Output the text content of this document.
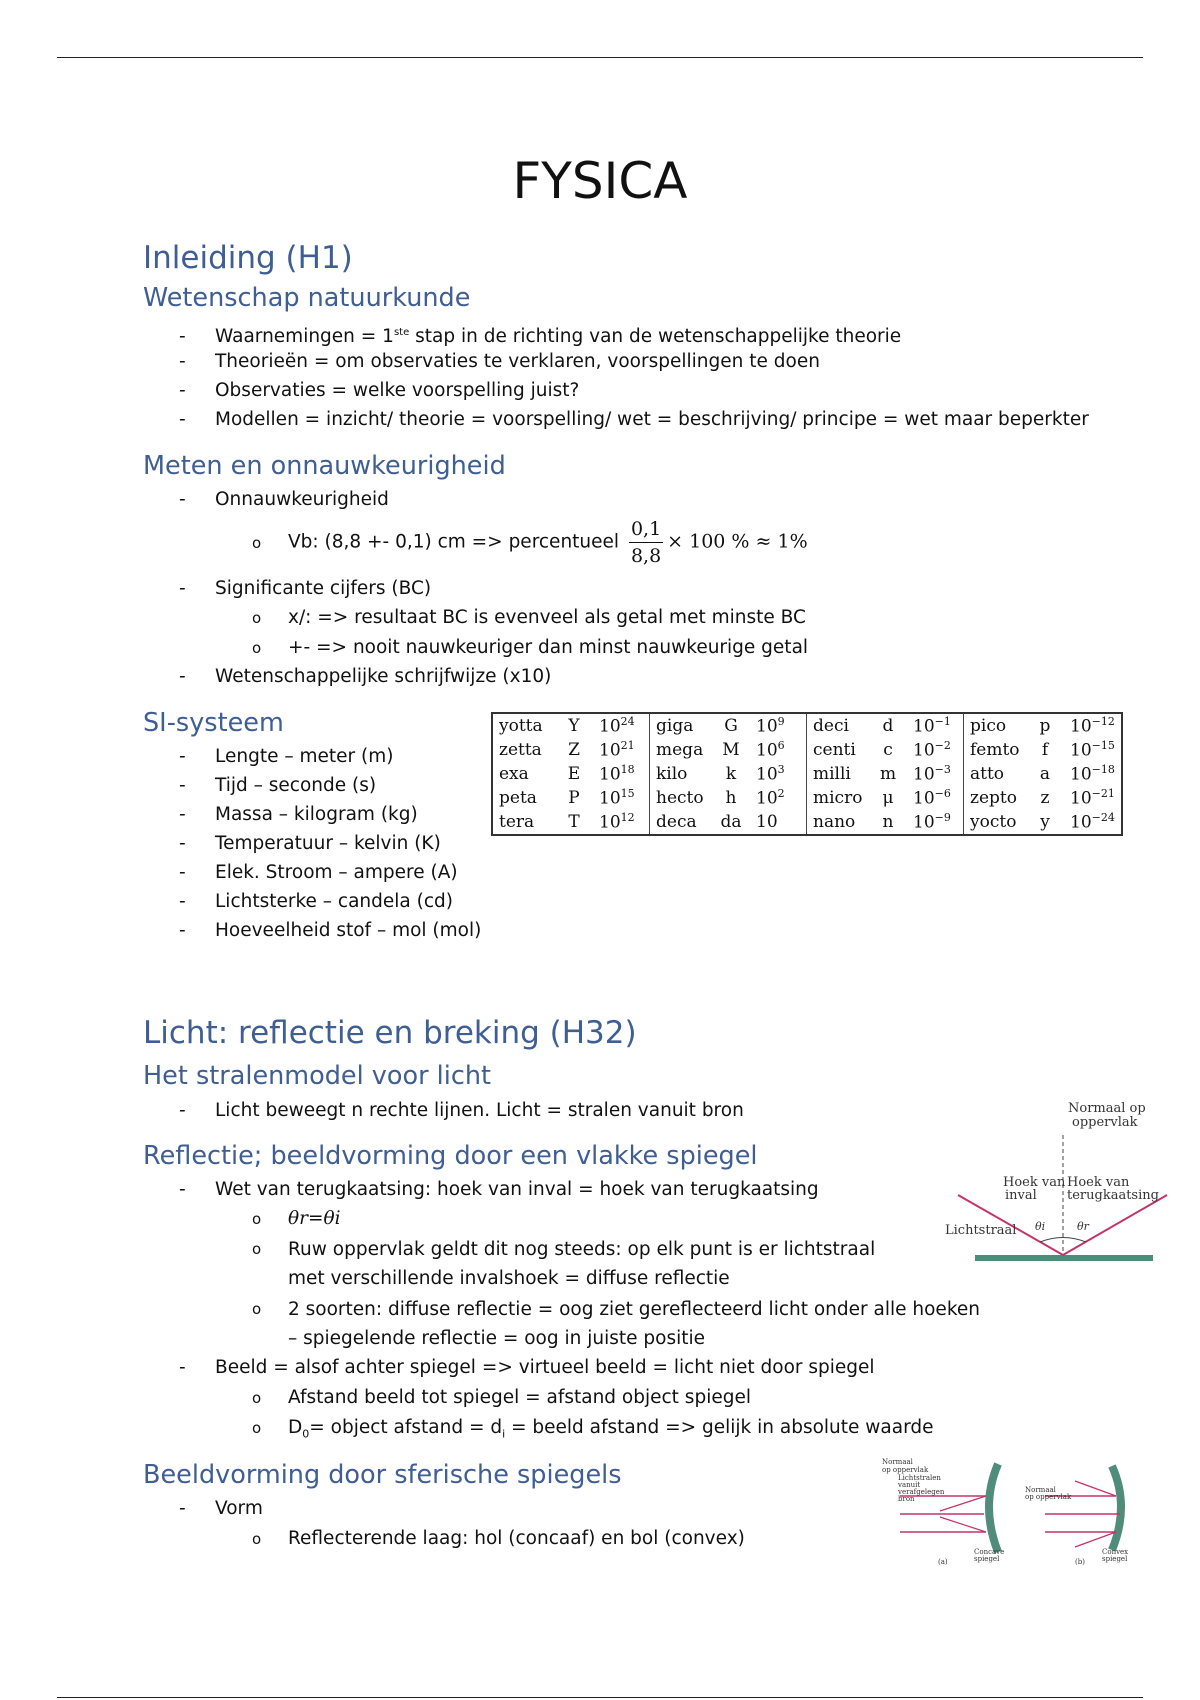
FYSICA
Inleiding (H1)
Wetenschap natuurkunde
- Waarnemingen = 1ste stap in de richting van de wetenschappelijke theorie
- Theorieën = om observaties te verklaren, voorspellingen te doen
- Observaties = welke voorspelling juist?
- Modellen = inzicht/ theorie = voorspelling/ wet = beschrijving/ principe = wet maar beperkter
Meten en onnauwkeurigheid
- Onnauwkeurigheid
o Vb: (8,8 +- 0,1) cm => percentueel $\frac{0,1}{8,8} \times 100$ % ≈ 1%
- Significante cijfers (BC)
o x/: => resultaat BC is evenveel als getal met minste BC
o +- => nooit nauwkeuriger dan minst nauwkeurige getal
- Wetenschappelijke schrijfwijze (x10)
SI-systeem
- Lengte – meter (m)
- Tijd – seconde (s)
- Massa – kilogram (kg)
- Temperatuur – kelvin (K)
- Elek. Stroom – ampere (A)
- Lichtsterke – candela (cd)
- Hoeveelheid stof – mol (mol)
yotta	Y	$10^{24}$	giga	G	$10^9$	deci	d	$10^{-1}$	pico	p	$10^{-12}$
zetta	Z	$10^{21}$	mega	M	$10^6$	centi	c	$10^{-2}$	femto	f	$10^{-15}$
exa	E	$10^{18}$	kilo	k	$10^3$	milli	m	$10^{-3}$	atto	a	$10^{-18}$
peta	P	$10^{15}$	hecto	h	$10^2$	micro	μ	$10^{-6}$	zepto	z	$10^{-21}$
tera	T	$10^{12}$	deca	da	10	nano	n	$10^{-9}$	yocto	y	$10^{-24}$
Licht: reflectie en breking (H32)
Het stralenmodel voor licht
- Licht beweegt n rechte lijnen. Licht = stralen vanuit bron
Reflectie; beeldvorming door een vlakke spiegel
- Wet van terugkaatsing: hoek van inval = hoek van terugkaatsing
o θr=θi
o	Ruw oppervlak geldt dit nog steeds: op elk punt is er lichtstraal met verschillende invalshoek = diffuse reflectie
o	2 soorten: diffuse reflectie = oog ziet gereflecteerd licht onder alle hoeken – spiegelende reflectie = oog in juiste positie
- Beeld = alsof achter spiegel => virtueel beeld = licht niet door spiegel
o Afstand beeld tot spiegel = afstand object spiegel
o $D_0=$ object $afstand = d_i$ = beeld afstand => gelijk in absolute waarde
Beeldvorming door sferische spiegels
- Vorm
o Reflecterende laag: hol (concaaf) en bol (convex)
Normaal op
oppervlak
Hoek van
inval
Hoek van
terugkaatsing
Lichtstraal θi	θr
Normaal
op oppervlak
Lichtstralen
vanuit
verafgelegen
bron
Concave
spiegel
(a)
Normaal
op oppervlak
Convex
spiegel
(b)
